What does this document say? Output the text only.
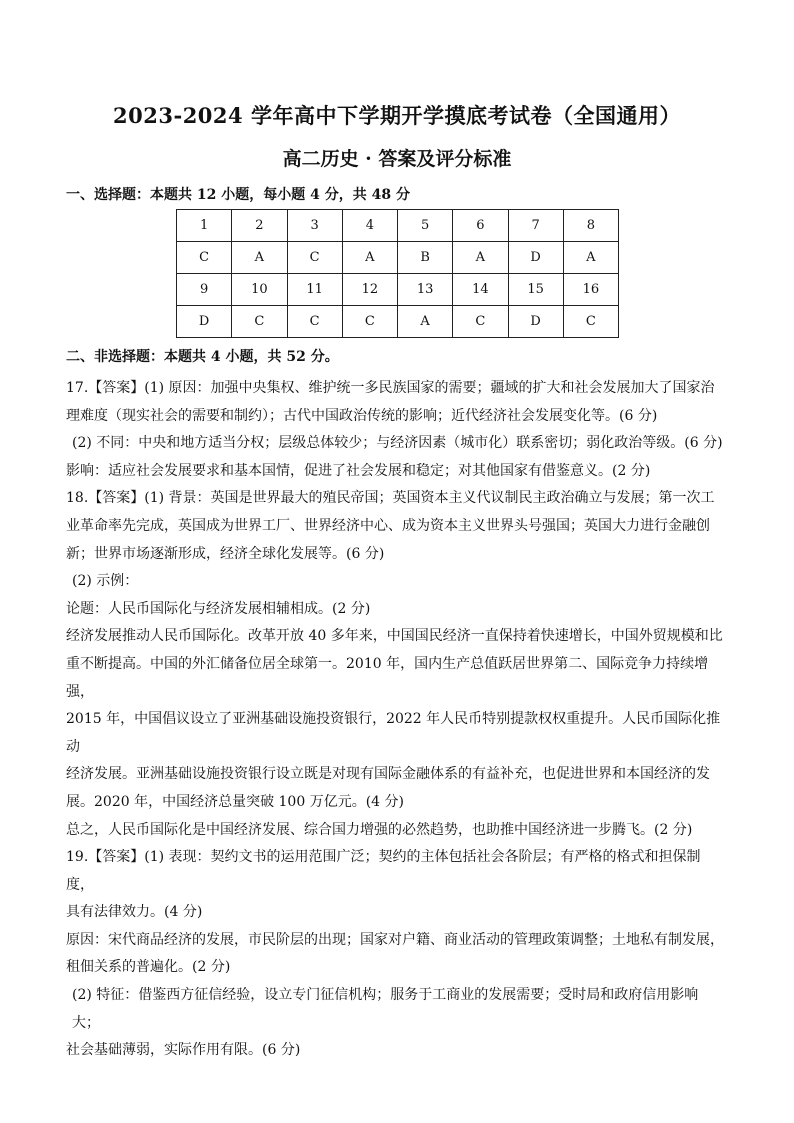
2023-2024 学年高中下学期开学摸底考试卷（全国通用）
高二历史 · 答案及评分标准
一、选择题：本题共 12 小题，每小题 4 分，共 48 分
1	2	3	4	5	6	7	8
C	A	C	A	B	A	D	A
9	10	11	12	13	14	15	16
D	C	C	C	A	C	D	C
二、非选择题：本题共 4 小题，共 52 分。

17.【答案】(1) 原因：加强中央集权、维护统一多民族国家的需要；疆域的扩大和社会发展加大了国家治

理难度（现实社会的需要和制约）；古代中国政治传统的影响；近代经济社会发展变化等。(6 分)

(2) 不同：中央和地方适当分权；层级总体较少；与经济因素（城市化）联系密切；弱化政治等级。(6 分)

影响：适应社会发展要求和基本国情，促进了社会发展和稳定；对其他国家有借鉴意义。(2 分)

18.【答案】(1) 背景：英国是世界最大的殖民帝国；英国资本主义代议制民主政治确立与发展；第一次工

业革命率先完成，英国成为世界工厂、世界经济中心、成为资本主义世界头号强国；英国大力进行金融创

新；世界市场逐渐形成，经济全球化发展等。(6 分)

(2) 示例：

论题：人民币国际化与经济发展相辅相成。(2 分)

经济发展推动人民币国际化。改革开放 40 多年来，中国国民经济一直保持着快速增长，中国外贸规模和比

重不断提高。中国的外汇储备位居全球第一。2010 年，国内生产总值跃居世界第二、国际竞争力持续增强，

2015 年，中国倡议设立了亚洲基础设施投资银行，2022 年人民币特别提款权权重提升。人民币国际化推动

经济发展。亚洲基础设施投资银行设立既是对现有国际金融体系的有益补充，也促进世界和本国经济的发

展。2020 年，中国经济总量突破 100 万亿元。(4 分)

总之，人民币国际化是中国经济发展、综合国力增强的必然趋势，也助推中国经济进一步腾飞。(2 分)

19.【答案】(1) 表现：契约文书的运用范围广泛；契约的主体包括社会各阶层；有严格的格式和担保制度，

具有法律效力。(4 分)

原因：宋代商品经济的发展，市民阶层的出现；国家对户籍、商业活动的管理政策调整；土地私有制发展，

租佃关系的普遍化。(2 分)

(2) 特征：借鉴西方征信经验，设立专门征信机构；服务于工商业的发展需要；受时局和政府信用影响大；

社会基础薄弱，实际作用有限。(6 分)
